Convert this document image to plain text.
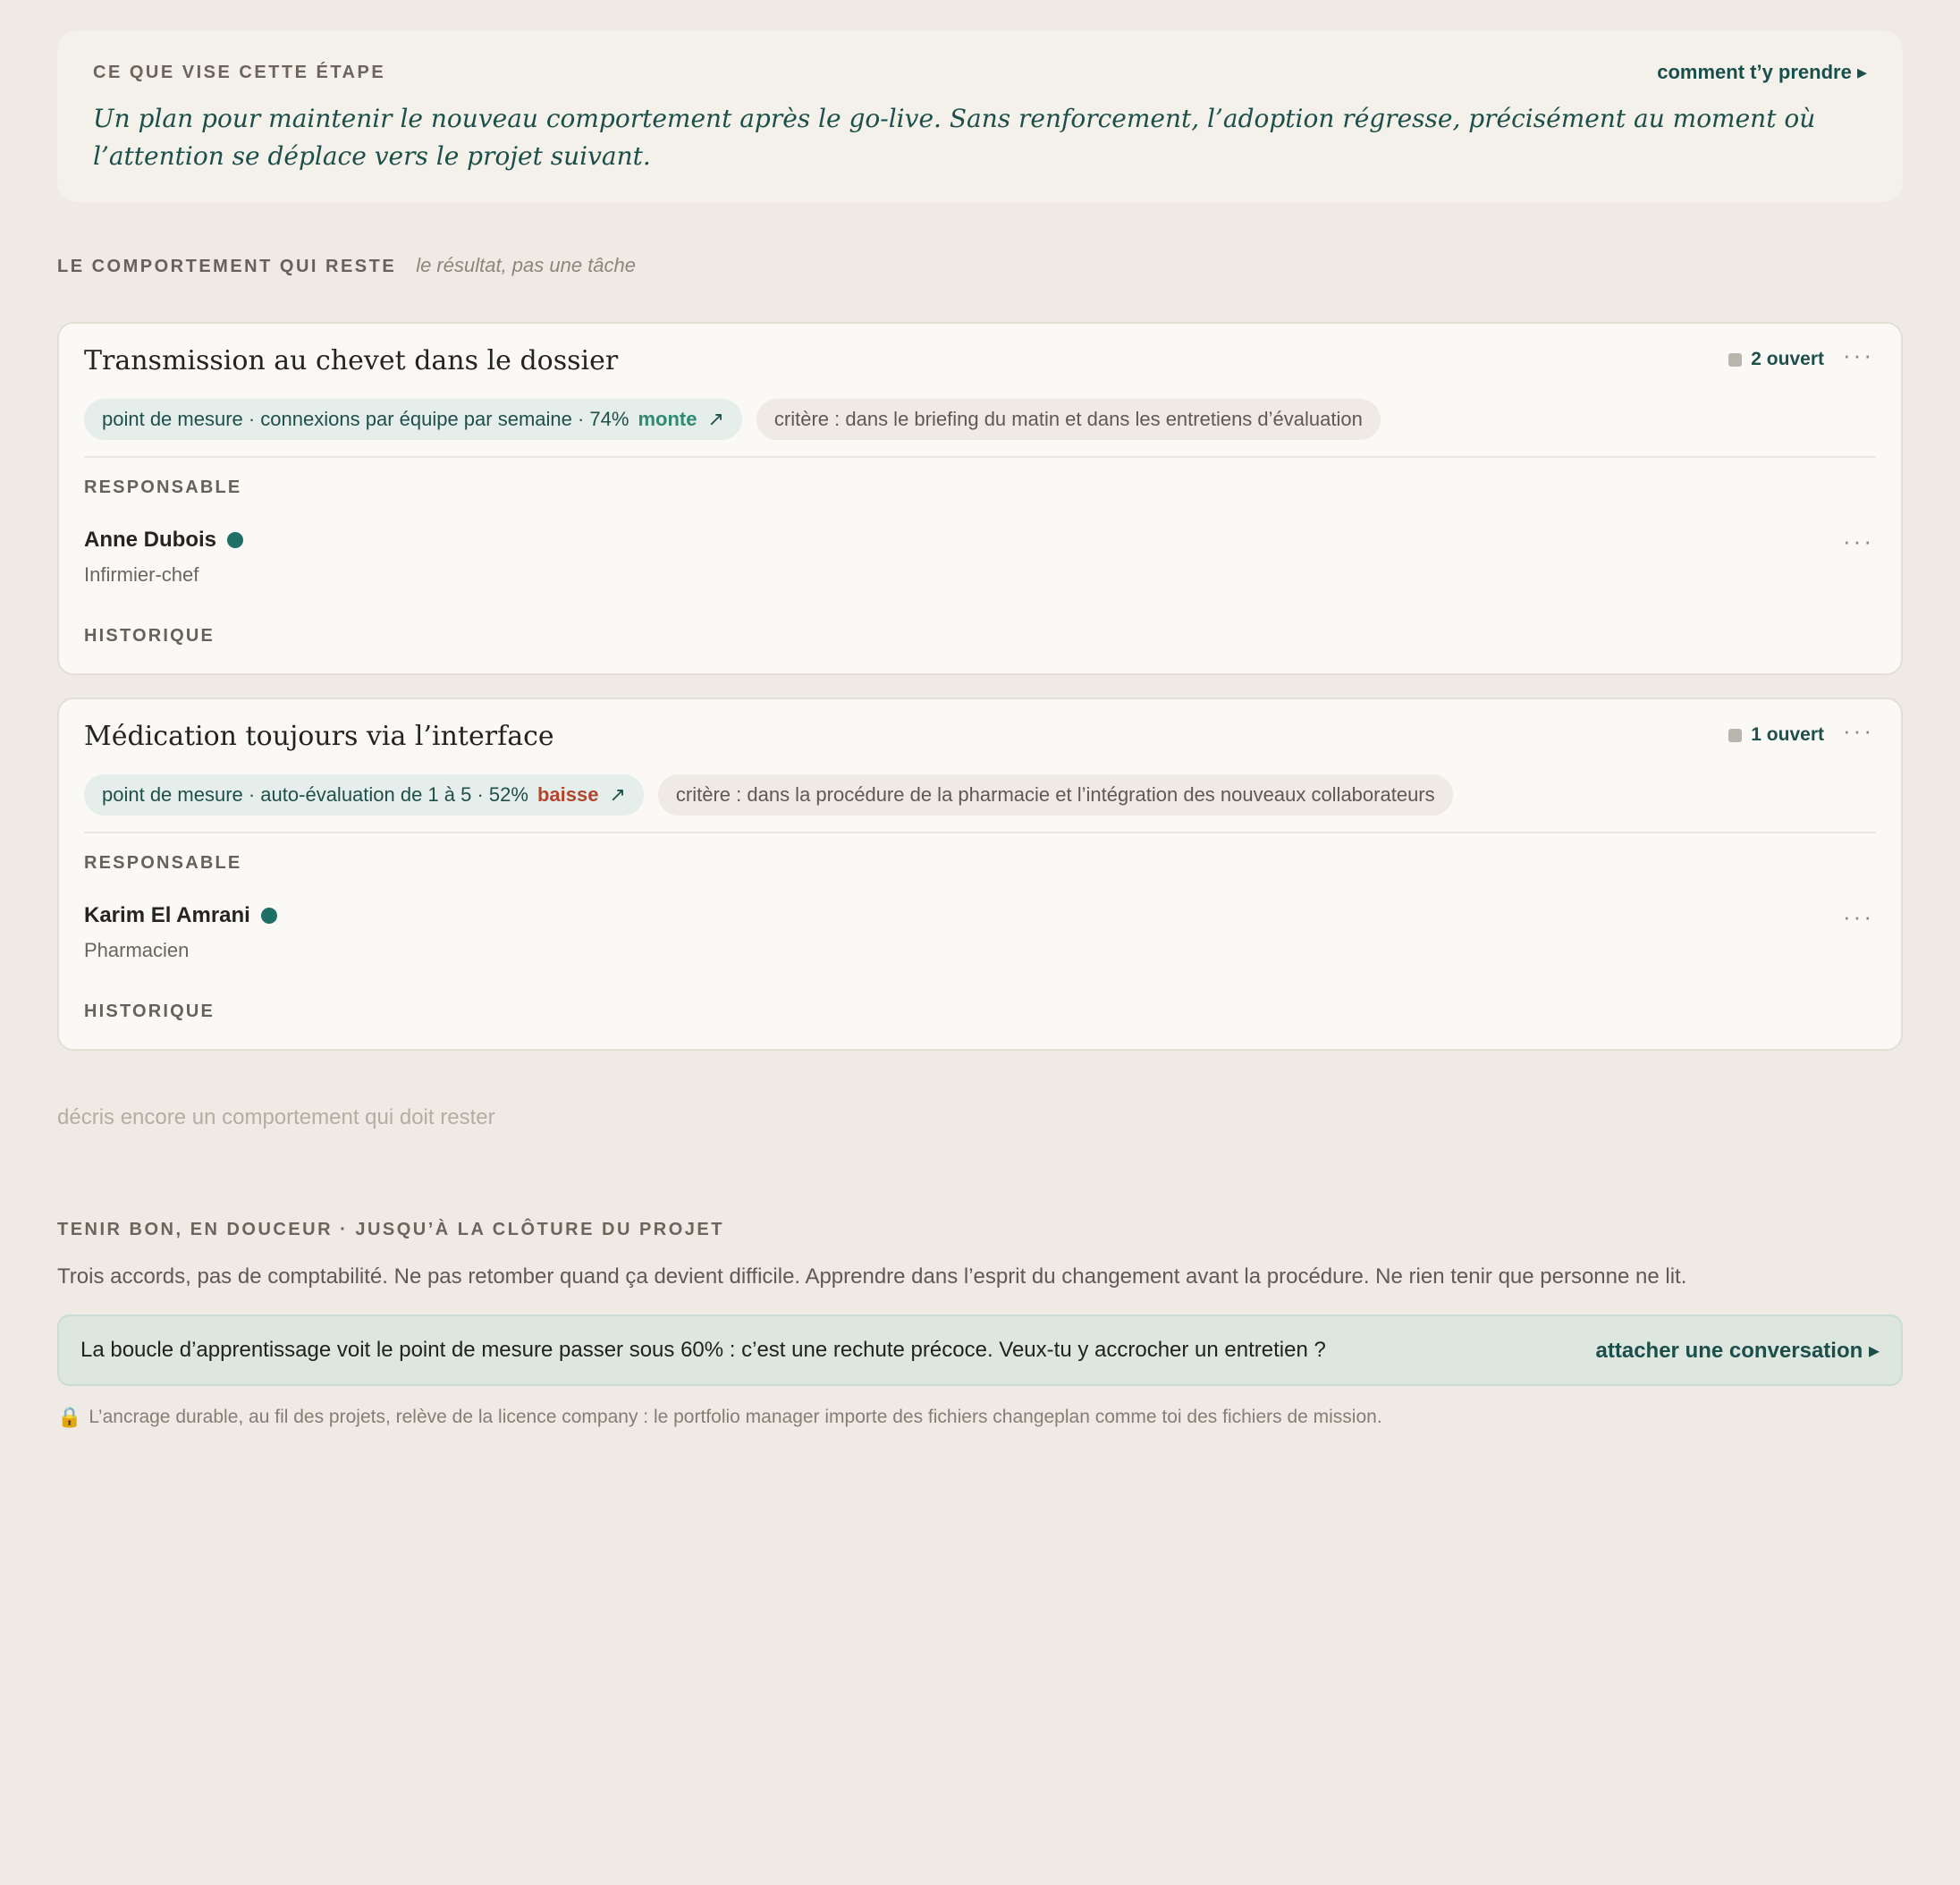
CE QUE VISE CETTE ÉTAPE	comment t’y prendre ▸
Un plan pour maintenir le nouveau comportement après le go-live. Sans renforcement, l’adoption régresse, précisément au moment où l’attention se déplace vers le projet suivant.
LE COMPORTEMENT QUI RESTE le résultat, pas une tâche
Transmission au chevet dans le dossier	2 ouvert ···
point de mesure · connexions par équipe par semaine · 74% monte ↗	critère : dans le briefing du matin et dans les entretiens d’évaluation
RESPONSABLE
Anne Dubois
Infirmier-chef
···
HISTORIQUE
Médication toujours via l’interface	1 ouvert ···
point de mesure · auto-évaluation de 1 à 5 · 52% baisse ↗	critère : dans la procédure de la pharmacie et l’intégration des nouveaux collaborateurs
RESPONSABLE
Karim El Amrani
Pharmacien
···
HISTORIQUE
décris encore un comportement qui doit rester
TENIR BON, EN DOUCEUR · JUSQU’À LA CLÔTURE DU PROJET
Trois accords, pas de comptabilité. Ne pas retomber quand ça devient difficile. Apprendre dans l’esprit du changement avant la procédure. Ne rien tenir que personne ne lit.
La boucle d’apprentissage voit le point de mesure passer sous 60% : c’est une rechute précoce. Veux-tu y accrocher un entretien ?	attacher une conversation ▸
🔒 L’ancrage durable, au fil des projets, relève de la licence company : le portfolio manager importe des fichiers changeplan comme toi des fichiers de mission.
